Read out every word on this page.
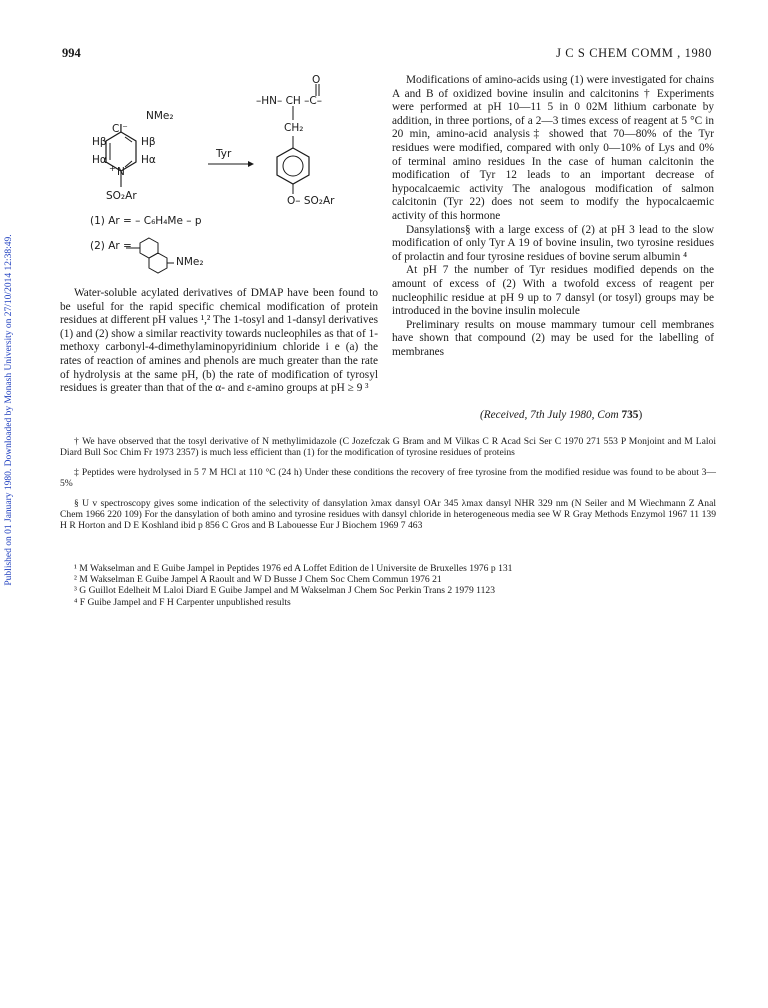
Published on 01 January 1980. Downloaded by Monash University on 27/10/2014 12:38:49.
994	J C S CHEM COMM , 1980
Cl⁻
NMe₂
Hβ	Hβ
Hα	Hα
N
+
SO₂Ar
Tyr
O
–HN– CH –C–
CH₂
O– SO₂Ar
(1) Ar = – C₆H₄Me – p
(2) Ar =
NMe₂

Water-soluble acylated derivatives of DMAP have been found to be useful for the rapid specific chemical modification of protein residues at different pH values ¹,² The 1-tosyl and 1-dansyl derivatives (1) and (2) show a similar reactivity towards nucleophiles as that of 1-methoxy carbonyl-4-dimethylaminopyridinium chloride i e (a) the rates of reaction of amines and phenols are much greater than the rate of hydrolysis at the same pH, (b) the rate of modification of tyrosyl residues is greater than that of the α- and ε-amino groups at pH ≥ 9 ³

Modifications of amino-acids using (1) were investigated for chains A and B of oxidized bovine insulin and calcitonins † Experiments were performed at pH 10—11 5 in 0 02M lithium carbonate by addition, in three portions, of a 2—3 times excess of reagent at 5 °C in 20 min, amino-acid analysis‡ showed that 70—80% of the Tyr residues were modified, compared with only 0—10% of Lys and 0% of terminal amino residues In the case of human calcitonin the modification of Tyr 12 leads to an important decrease of hypocalcaemic activity The analogous modification of salmon calcitonin (Tyr 22) does not seem to modify the hypocalcaemic activity of this hormone

Dansylations§ with a large excess of (2) at pH 3 lead to the slow modification of only Tyr A 19 of bovine insulin, two tyrosine residues of prolactin and four tyrosine residues of bovine serum albumin ⁴

At pH 7 the number of Tyr residues modified depends on the amount of excess of (2) With a twofold excess of reagent per nucleophilic residue at pH 9 up to 7 dansyl (or tosyl) groups may be introduced in the bovine insulin molecule

Preliminary results on mouse mammary tumour cell membranes have shown that compound (2) may be used for the labelling of membranes

(Received, 7th July 1980, Com 735)

† We have observed that the tosyl derivative of N methylimidazole (C Jozefczak G Bram and M Vilkas C R Acad Sci Ser C 1970 271 553 P Monjoint and M Laloi Diard Bull Soc Chim Fr 1973 2357) is much less efficient than (1) for the modification of tyrosine residues of proteins

‡ Peptides were hydrolysed in 5 7 M HCl at 110 °C (24 h) Under these conditions the recovery of free tyrosine from the modified residue was found to be about 3—5%

§ U v spectroscopy gives some indication of the selectivity of dansylation λmax dansyl OAr 345 λmax dansyl NHR 329 nm (N Seiler and M Wiechmann Z Anal Chem 1966 220 109) For the dansylation of both amino and tyrosine residues with dansyl chloride in heterogeneous media see W R Gray Methods Enzymol 1967 11 139 H R Horton and D E Koshland ibid p 856 C Gros and B Labouesse Eur J Biochem 1969 7 463

¹ M Wakselman and E Guibe Jampel in Peptides 1976 ed A Loffet Edition de l Universite de Bruxelles 1976 p 131
² M Wakselman E Guibe Jampel A Raoult and W D Busse J Chem Soc Chem Commun 1976 21
³ G Guillot Edelheit M Laloi Diard E Guibe Jampel and M Wakselman J Chem Soc Perkin Trans 2 1979 1123
⁴ F Guibe Jampel and F H Carpenter unpublished results
